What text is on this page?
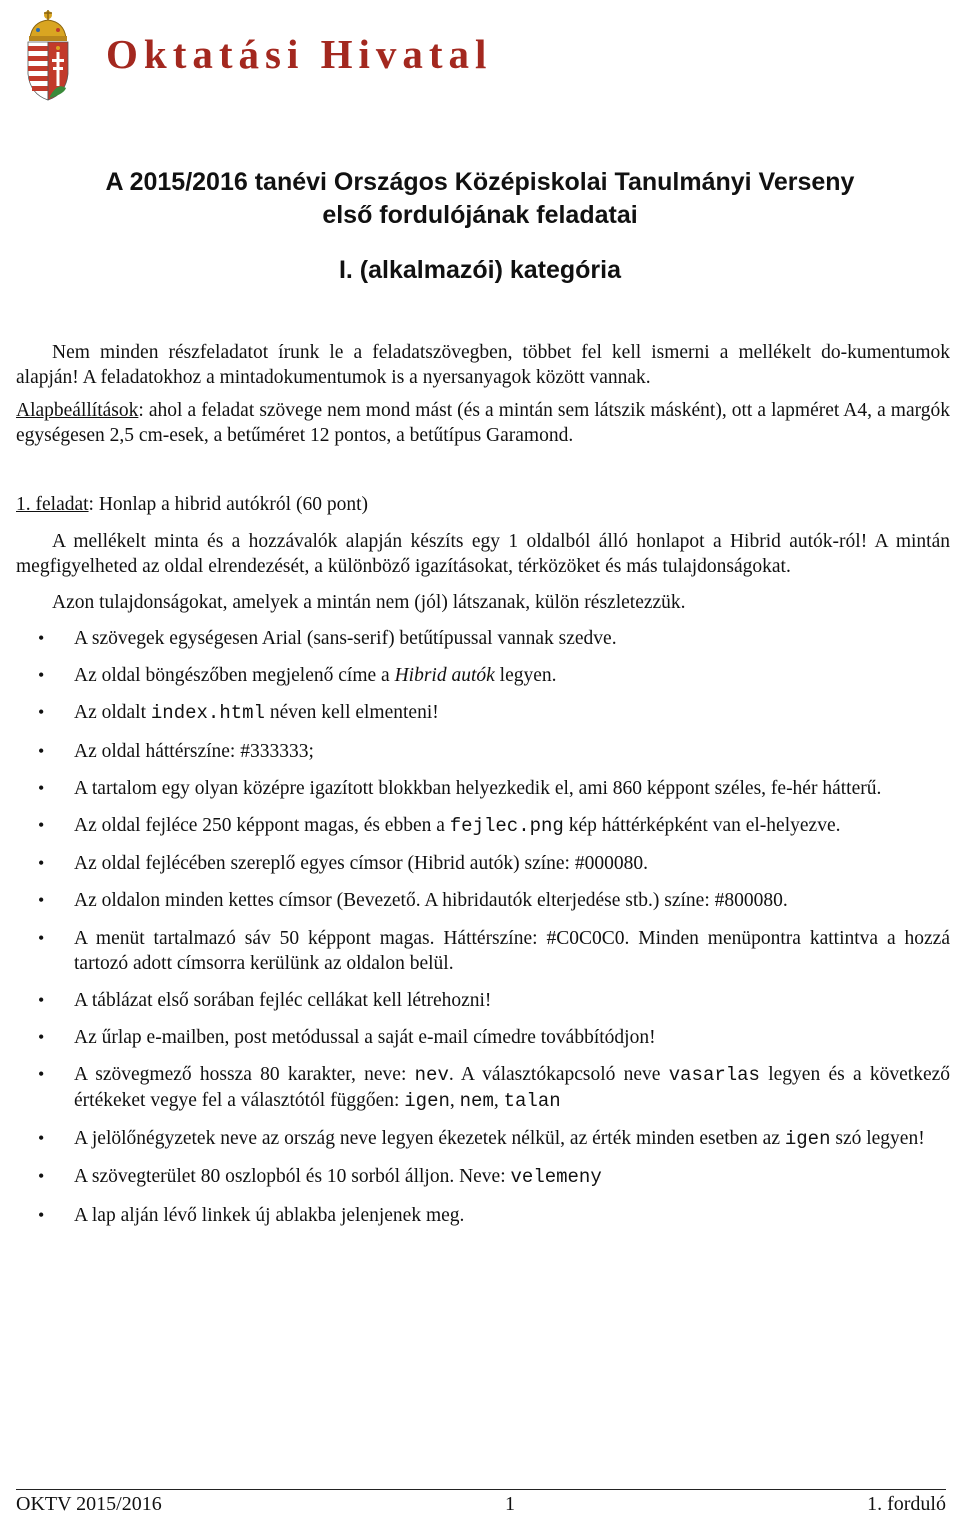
Oktatási Hivatal
A 2015/2016 tanévi Országos Középiskolai Tanulmányi Verseny
első fordulójának feladatai
I. (alkalmazói) kategória

Nem minden részfeladatot írunk le a feladatszövegben, többet fel kell ismerni a mellékelt do-kumentumok alapján! A feladatokhoz a mintadokumentumok is a nyersanyagok között vannak.

Alapbeállítások: ahol a feladat szövege nem mond mást (és a mintán sem látszik másként), ott a lapméret A4, a margók egységesen 2,5 cm-esek, a betűméret 12 pontos, a betűtípus Garamond.

1. feladat: Honlap a hibrid autókról (60 pont)

A mellékelt minta és a hozzávalók alapján készíts egy 1 oldalból álló honlapot a Hibrid autók-ról! A mintán megfigyelheted az oldal elrendezését, a különböző igazításokat, térközöket és más tulajdonságokat.

Azon tulajdonságokat, amelyek a mintán nem (jól) látszanak, külön részletezzük.

• A szövegek egységesen Arial (sans-serif) betűtípussal vannak szedve.
• Az oldal böngészőben megjelenő címe a Hibrid autók legyen.
• Az oldalt index.html néven kell elmenteni!
• Az oldal háttérszíne: #333333;
• A tartalom egy olyan középre igazított blokkban helyezkedik el, ami 860 képpont széles, fe-hér hátterű.
• Az oldal fejléce 250 képpont magas, és ebben a fejlec.png kép háttérképként van el-helyezve.
• Az oldal fejlécében szereplő egyes címsor (Hibrid autók) színe: #000080.
• Az oldalon minden kettes címsor (Bevezető. A hibridautók elterjedése stb.) színe: #800080.
• A menüt tartalmazó sáv 50 képpont magas. Háttérszíne: #C0C0C0. Minden menüpontra kattintva a hozzá tartozó adott címsorra kerülünk az oldalon belül.
• A táblázat első sorában fejléc cellákat kell létrehozni!
• Az űrlap e-mailben, post metódussal a saját e-mail címedre továbbítódjon!
• A szövegmező hossza 80 karakter, neve: nev. A választókapcsoló neve vasarlas legyen és a következő értékeket vegye fel a választótól függően: igen, nem, talan
• A jelölőnégyzetek neve az ország neve legyen ékezetek nélkül, az érték minden esetben az igen szó legyen!
• A szövegterület 80 oszlopból és 10 sorból álljon. Neve: velemeny
• A lap alján lévő linkek új ablakba jelenjenek meg.
OKTV 2015/2016	1	1. forduló
